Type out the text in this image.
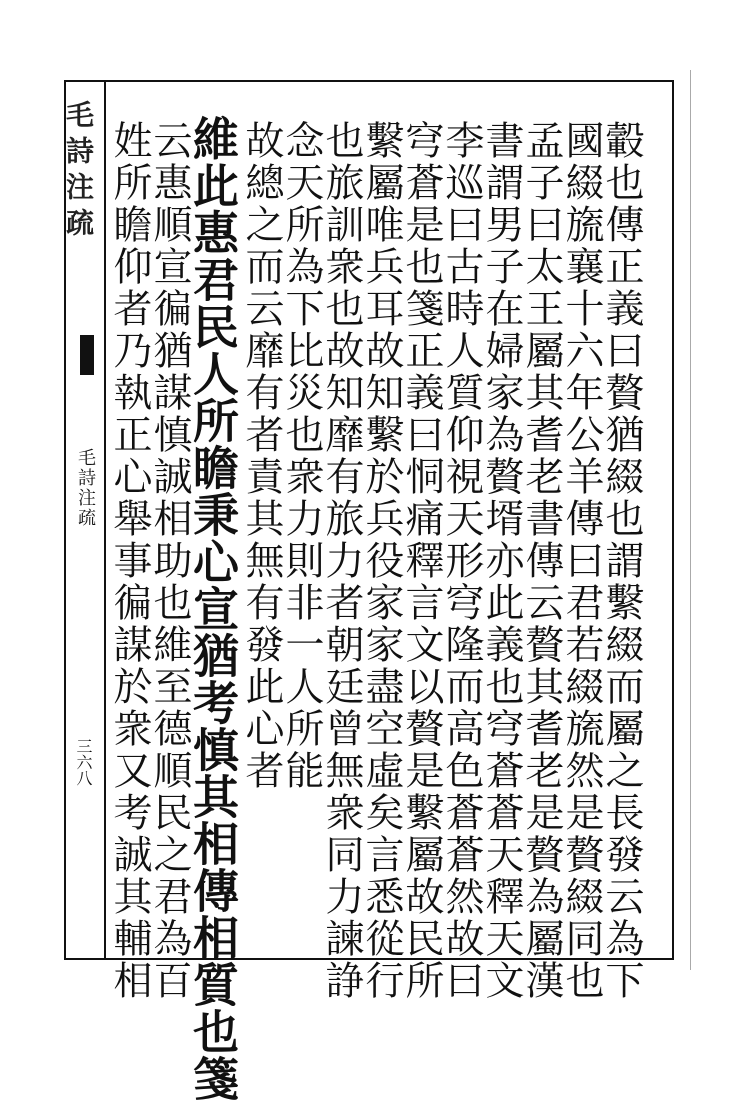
毛詩注疏
毛詩注疏
三六八	轂也傳正義曰贅猶綴也謂繫綴而屬之長發云為下
國綴旒襄十六年公羊傳曰君若綴旒然是贅綴同也
孟子曰太王屬其耆老書傳云贅其耆老是贅為屬漢
書謂男子在婦家為贅壻亦此義也穹蒼蒼天釋天文
李巡曰古時人質仰視天形穹隆而高色蒼蒼然故曰
穹蒼是也箋正義曰恫痛釋言文以贅是繫屬故民所
繫屬唯兵耳故知繫於兵役家家盡空虛矣言悉從行
也旅訓衆也故知靡有旅力者朝廷曾無衆同力諫諍
念天所為下比災也衆力則非一人所能
故總之而云靡有者責其無有發此心者
維此惠君民人所瞻秉心宣猶考慎其相傳相質也箋
云惠順宣徧猶謀慎誠相助也維至德順民之君為百
姓所瞻仰者乃執正心舉事徧謀於衆又考誠其輔相
